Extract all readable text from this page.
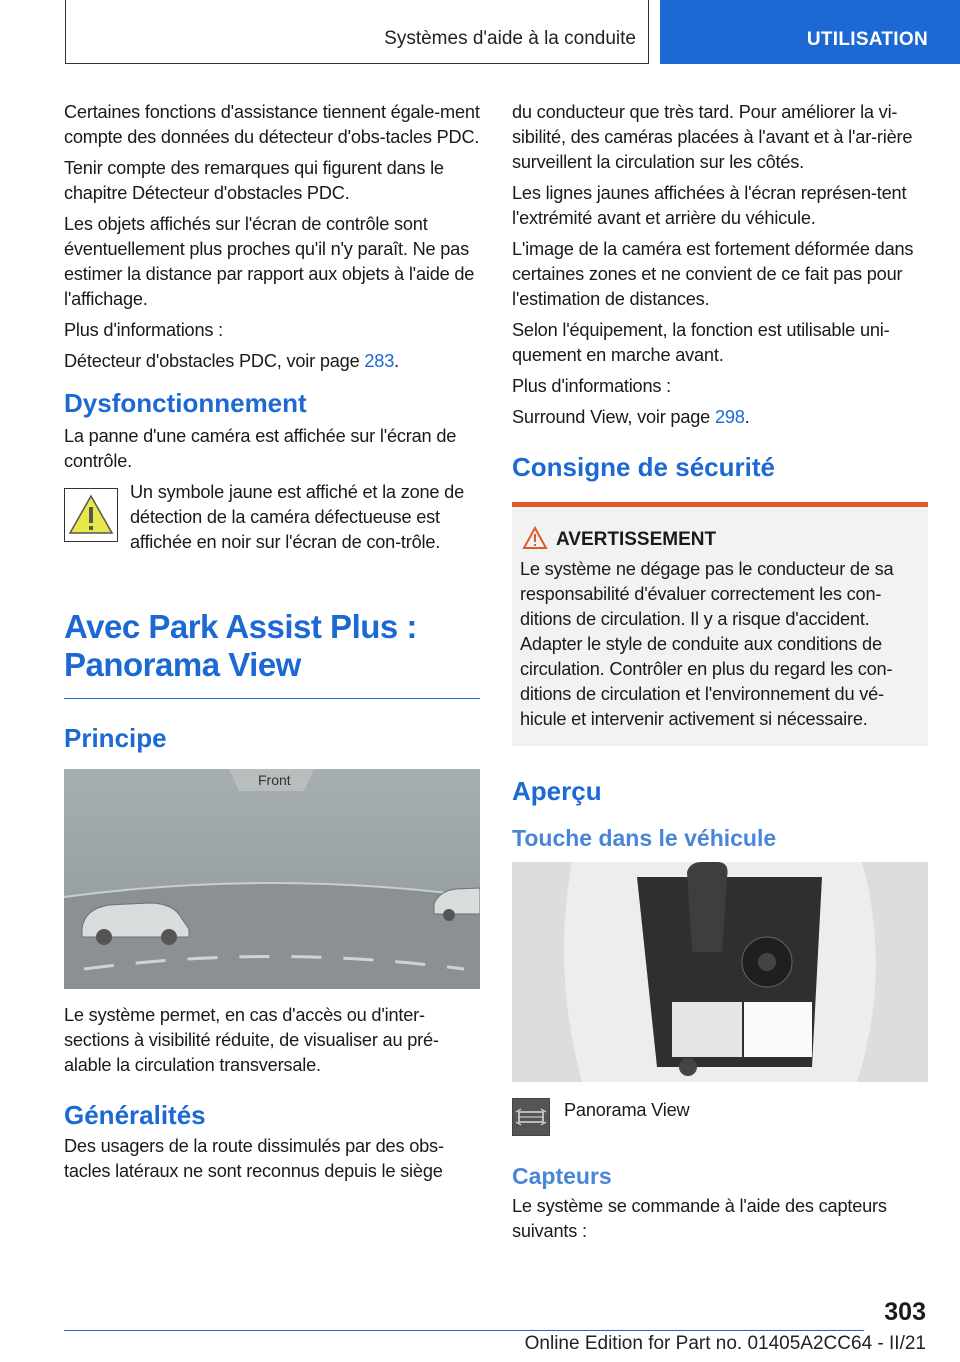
Systèmes d'aide à la conduite	UTILISATION

Certaines fonctions d'assistance tiennent égale-ment compte des données du détecteur d'obs-tacles PDC.

Tenir compte des remarques qui figurent dans le chapitre Détecteur d'obstacles PDC.

Les objets affichés sur l'écran de contrôle sont éventuellement plus proches qu'il n'y paraît. Ne pas estimer la distance par rapport aux objets à l'aide de l'affichage.

Plus d'informations :

Détecteur d'obstacles PDC, voir page 283.

Dysfonctionnement

La panne d'une caméra est affichée sur l'écran de contrôle.

Un symbole jaune est affiché et la zone de détection de la caméra défectueuse est affichée en noir sur l'écran de con-trôle.

Avec Park Assist Plus :
Panorama View
Principe
Front

Le système permet, en cas d'accès ou d'inter-sections à visibilité réduite, de visualiser au pré-alable la circulation transversale.

Généralités

Des usagers de la route dissimulés par des obs-tacles latéraux ne sont reconnus depuis le siège

du conducteur que très tard. Pour améliorer la vi-sibilité, des caméras placées à l'avant et à l'ar-rière surveillent la circulation sur les côtés.

Les lignes jaunes affichées à l'écran représen-tent l'extrémité avant et arrière du véhicule.

L'image de la caméra est fortement déformée dans certaines zones et ne convient de ce fait pas pour l'estimation de distances.

Selon l'équipement, la fonction est utilisable uni-quement en marche avant.

Plus d'informations :

Surround View, voir page 298.

Consigne de sécurité
AVERTISSEMENT

Le système ne dégage pas le conducteur de sa responsabilité d'évaluer correctement les con-ditions de circulation. Il y a risque d'accident. Adapter le style de conduite aux conditions de circulation. Contrôler en plus du regard les con-ditions de circulation et l'environnement du vé-hicule et intervenir activement si nécessaire.

Aperçu
Touche dans le véhicule

Panorama View

Capteurs

Le système se commande à l'aide des capteurs suivants :

303
Online Edition for Part no. 01405A2CC64 - II/21
